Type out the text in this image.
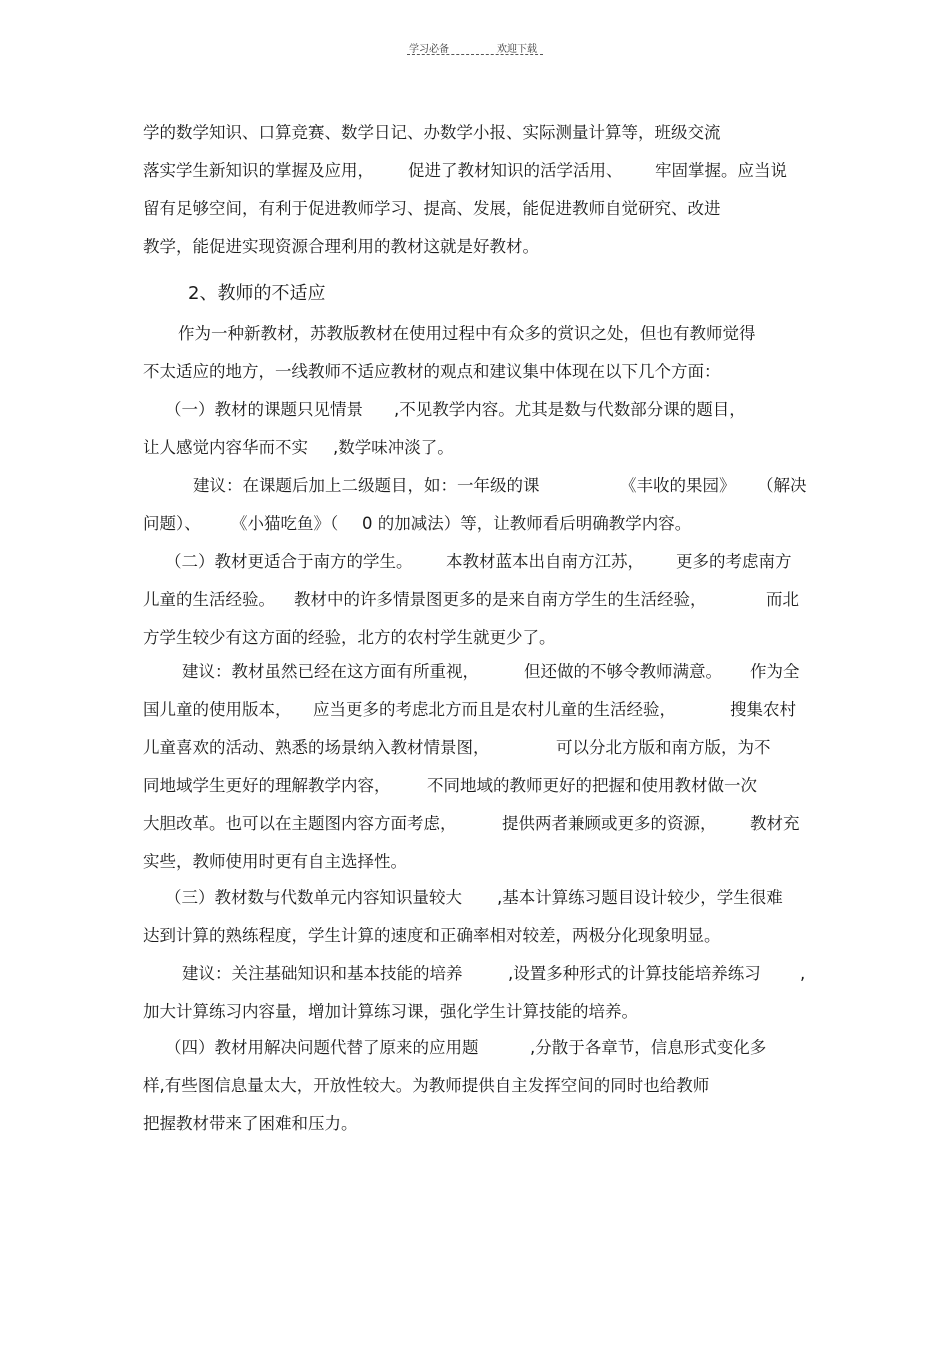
学习必备	欢迎下载
学的数学知识、口算竞赛、数学日记、办数学小报、实际测量计算等，班级交流
落实学生新知识的掌握及应用， 促进了教材知识的活学活用、 牢固掌握。应当说
留有足够空间，有利于促进教师学习、提高、发展，能促进教师自觉研究、改进
教学，能促进实现资源合理利用的教材这就是好教材。
2、教师的不适应
作为一种新教材，苏教版教材在使用过程中有众多的赏识之处，但也有教师觉得
不太适应的地方，一线教师不适应教材的观点和建议集中体现在以下几个方面：
（一）教材的课题只见情景 ,不见教学内容。尤其是数与代数部分课的题目，
让人感觉内容华而不实 ,数学味冲淡了。
建议：在课题后加上二级题目，如：一年级的课	《丰收的果园》 （解决
问题）、 《小猫吃鱼》（ 0 的加减法）等，让教师看后明确教学内容。
（二）教材更适合于南方的学生。 本教材蓝本出自南方江苏， 更多的考虑南方
儿童的生活经验。 教材中的许多情景图更多的是来自南方学生的生活经验，	而北
方学生较少有这方面的经验，北方的农村学生就更少了。
建议：教材虽然已经在这方面有所重视，	但还做的不够令教师满意。 作为全
国儿童的使用版本， 应当更多的考虑北方而且是农村儿童的生活经验，	搜集农村
儿童喜欢的活动、熟悉的场景纳入教材情景图，	可以分北方版和南方版，为不
同地域学生更好的理解教学内容， 不同地域的教师更好的把握和使用教材做一次
大胆改革。也可以在主题图内容方面考虑，	提供两者兼顾或更多的资源， 教材充
实些，教师使用时更有自主选择性。
（三）教材数与代数单元内容知识量较大 ,基本计算练习题目设计较少，学生很难
达到计算的熟练程度，学生计算的速度和正确率相对较差，两极分化现象明显。
建议：关注基础知识和基本技能的培养	,设置多种形式的计算技能培养练习 ,
加大计算练习内容量，增加计算练习课，强化学生计算技能的培养。
（四）教材用解决问题代替了原来的应用题	,分散于各章节，信息形式变化多
样,有些图信息量太大，开放性较大。为教师提供自主发挥空间的同时也给教师
把握教材带来了困难和压力。
